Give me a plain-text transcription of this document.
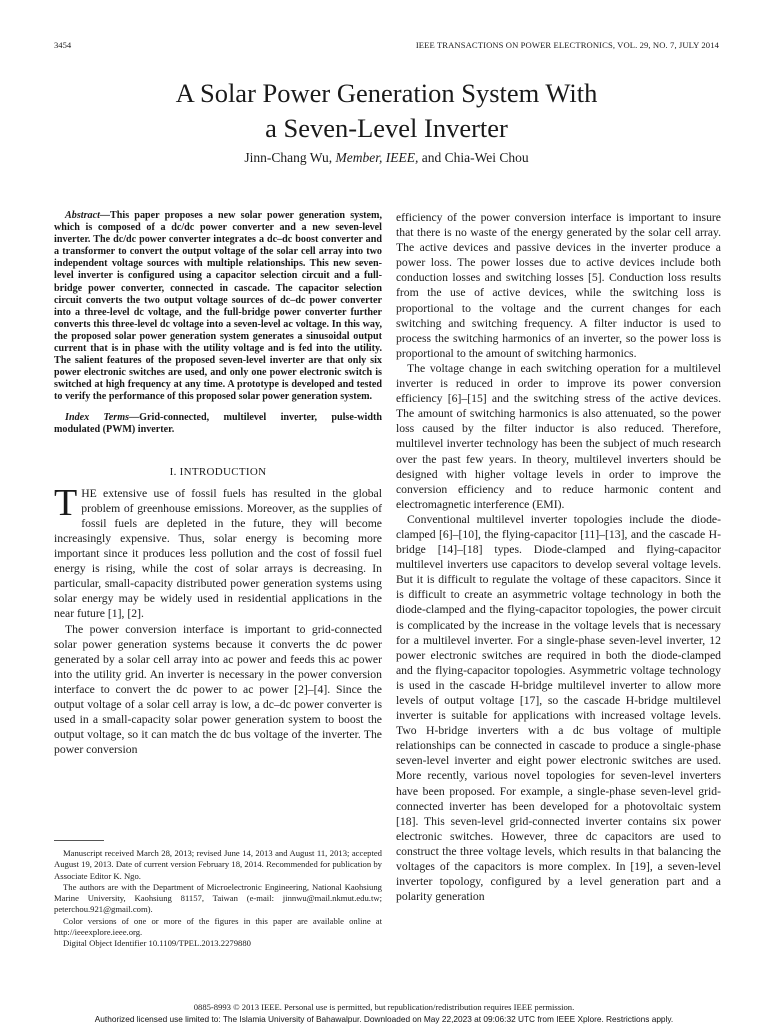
3454	IEEE TRANSACTIONS ON POWER ELECTRONICS, VOL. 29, NO. 7, JULY 2014
A Solar Power Generation System With
a Seven-Level Inverter
Jinn-Chang Wu, Member, IEEE, and Chia-Wei Chou

Abstract—This paper proposes a new solar power generation system, which is composed of a dc/dc power converter and a new seven-level inverter. The dc/dc power converter integrates a dc–dc boost converter and a transformer to convert the output voltage of the solar cell array into two independent voltage sources with multiple relationships. This new seven-level inverter is configured using a capacitor selection circuit and a full-bridge power converter, connected in cascade. The capacitor selection circuit converts the two output voltage sources of dc–dc power converter into a three-level dc voltage, and the full-bridge power converter further converts this three-level dc voltage into a seven-level ac voltage. In this way, the proposed solar power generation system generates a sinusoidal output current that is in phase with the utility voltage and is fed into the utility. The salient features of the proposed seven-level inverter are that only six power electronic switches are used, and only one power electronic switch is switched at high frequency at any time. A prototype is developed and tested to verify the performance of this proposed solar power generation system.

Index Terms—Grid-connected, multilevel inverter, pulse-width modulated (PWM) inverter.

I. INTRODUCTION

THE extensive use of fossil fuels has resulted in the global problem of greenhouse emissions. Moreover, as the supplies of fossil fuels are depleted in the future, they will become increasingly expensive. Thus, solar energy is becoming more important since it produces less pollution and the cost of fossil fuel energy is rising, while the cost of solar arrays is decreasing. In particular, small-capacity distributed power generation systems using solar energy may be widely used in residential applications in the near future [1], [2].

The power conversion interface is important to grid-connected solar power generation systems because it converts the dc power generated by a solar cell array into ac power and feeds this ac power into the utility grid. An inverter is necessary in the power conversion interface to convert the dc power to ac power [2]–[4]. Since the output voltage of a solar cell array is low, a dc–dc power converter is used in a small-capacity solar power generation system to boost the output voltage, so it can match the dc bus voltage of the inverter. The power conversion

efficiency of the power conversion interface is important to insure that there is no waste of the energy generated by the solar cell array. The active devices and passive devices in the inverter produce a power loss. The power losses due to active devices include both conduction losses and switching losses [5]. Conduction loss results from the use of active devices, while the switching loss is proportional to the voltage and the current changes for each switching and switching frequency. A filter inductor is used to process the switching harmonics of an inverter, so the power loss is proportional to the amount of switching harmonics.

The voltage change in each switching operation for a multilevel inverter is reduced in order to improve its power conversion efficiency [6]–[15] and the switching stress of the active devices. The amount of switching harmonics is also attenuated, so the power loss caused by the filter inductor is also reduced. Therefore, multilevel inverter technology has been the subject of much research over the past few years. In theory, multilevel inverters should be designed with higher voltage levels in order to improve the conversion efficiency and to reduce harmonic content and electromagnetic interference (EMI).

Conventional multilevel inverter topologies include the diode-clamped [6]–[10], the flying-capacitor [11]–[13], and the cascade H-bridge [14]–[18] types. Diode-clamped and flying-capacitor multilevel inverters use capacitors to develop several voltage levels. But it is difficult to regulate the voltage of these capacitors. Since it is difficult to create an asymmetric voltage technology in both the diode-clamped and the flying-capacitor topologies, the power circuit is complicated by the increase in the voltage levels that is necessary for a multilevel inverter. For a single-phase seven-level inverter, 12 power electronic switches are required in both the diode-clamped and the flying-capacitor topologies. Asymmetric voltage technology is used in the cascade H-bridge multilevel inverter to allow more levels of output voltage [17], so the cascade H-bridge multilevel inverter is suitable for applications with increased voltage levels. Two H-bridge inverters with a dc bus voltage of multiple relationships can be connected in cascade to produce a single-phase seven-level inverter and eight power electronic switches are used. More recently, various novel topologies for seven-level inverters have been proposed. For example, a single-phase seven-level grid-connected inverter has been developed for a photovoltaic system [18]. This seven-level grid-connected inverter contains six power electronic switches. However, three dc capacitors are used to construct the three voltage levels, which results in that balancing the voltages of the capacitors is more complex. In [19], a seven-level inverter topology, configured by a level generation part and a polarity generation

Manuscript received March 28, 2013; revised June 14, 2013 and August 11, 2013; accepted August 19, 2013. Date of current version February 18, 2014. Recommended for publication by Associate Editor K. Ngo.

The authors are with the Department of Microelectronic Engineering, National Kaohsiung Marine University, Kaohsiung 81157, Taiwan (e-mail: jinnwu@mail.nkmut.edu.tw; peterchou.921@gmail.com).

Color versions of one or more of the figures in this paper are available online at http://ieeexplore.ieee.org.

Digital Object Identifier 10.1109/TPEL.2013.2279880

0885-8993 © 2013 IEEE. Personal use is permitted, but republication/redistribution requires IEEE permission.
Authorized licensed use limited to: The Islamia University of Bahawalpur. Downloaded on May 22,2023 at 09:06:32 UTC from IEEE Xplore. Restrictions apply.
